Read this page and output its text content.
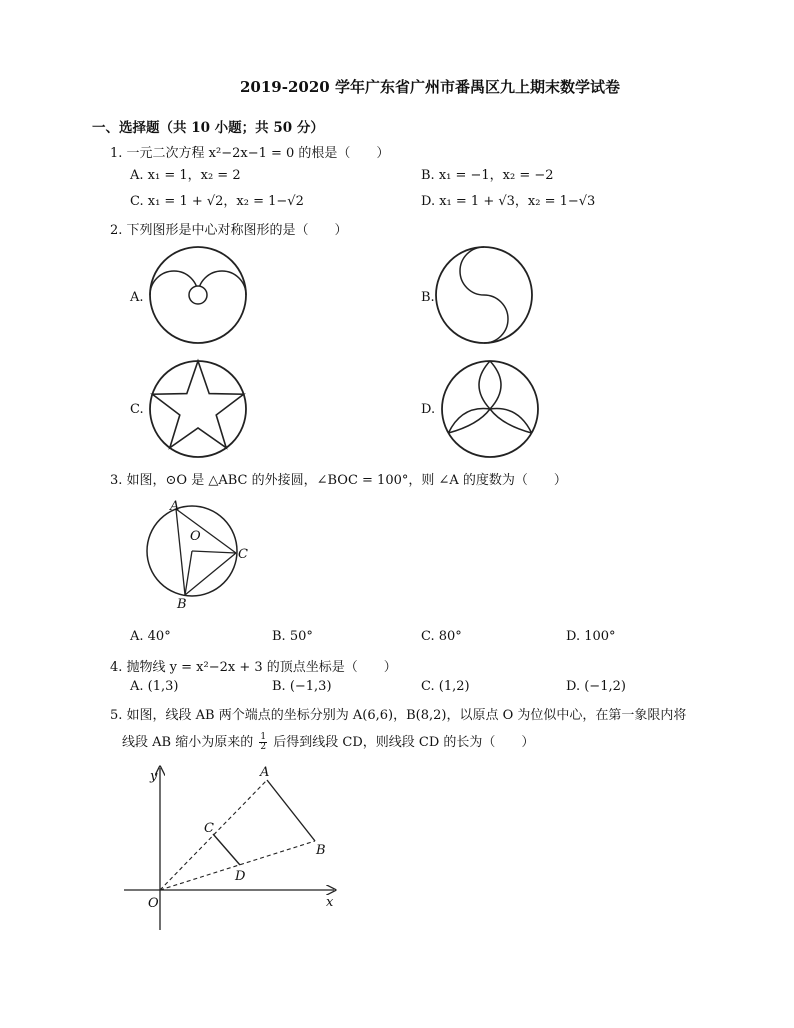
2019-2020 学年广东省广州市番禺区九上期末数学试卷
一、选择题（共 10 小题；共 50 分）
1. 一元二次方程 x²−2x−1 = 0 的根是（　　）
A. x₁ = 1，x₂ = 2	B. x₁ = −1，x₂ = −2
C. x₁ = 1 + √2，x₂ = 1−√2	D. x₁ = 1 + √3，x₂ = 1−√3
2. 下列图形是中心对称图形的是（　　）
A.	B.
C.	D.
3. 如图，⊙O 是 △ABC 的外接圆，∠BOC = 100°，则 ∠A 的度数为（　　）
A
O
C
B
A. 40°	B. 50°	C. 80°	D. 100°
4. 抛物线 y = x²−2x + 3 的顶点坐标是（　　）
A. (1,3)	B. (−1,3)	C. (1,2)	D. (−1,2)
5. 如图，线段 AB 两个端点的坐标分别为 A(6,6)，B(8,2)，以原点 O 为位似中心，在第一象限内将
线段 AB 缩小为原来的 $\frac{1}{2}$ 后得到线段 CD，则线段 CD 的长为（　　）
y
x
O
A
B
C
D
